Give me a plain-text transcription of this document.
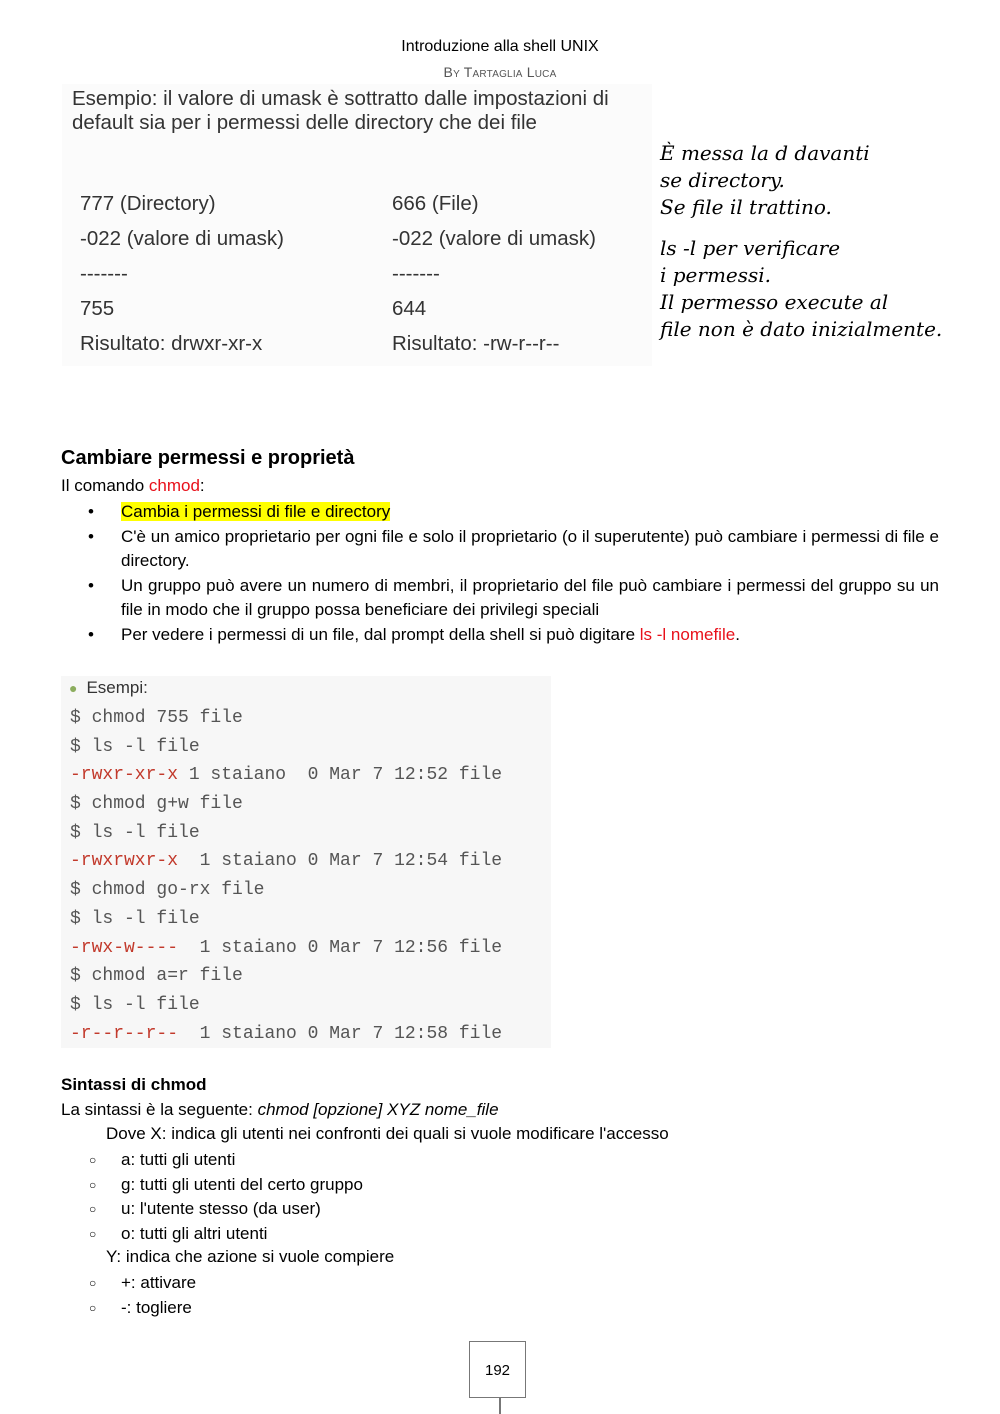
Introduzione alla shell UNIX
By Tartaglia Luca
Esempio: il valore di umask è sottratto dalle impostazioni di default sia per i permessi delle directory che dei file
777 (Directory)
-022 (valore di umask)
-------
755
Risultato: drwxr-xr-x
666 (File)
-022 (valore di umask)
-------
644
Risultato: -rw-r--r--
È messa la d davanti
se directory.
Se file il trattino.
ls -l per verificare
i permessi.
Il permesso execute al
file non è dato inizialmente.
Cambiare permessi e proprietà
Il comando chmod:
• Cambia i permessi di file e directory
• C'è un amico proprietario per ogni file e solo il proprietario (o il superutente) può cambiare i permessi di file e directory.
• Un gruppo può avere un numero di membri, il proprietario del file può cambiare i permessi del gruppo su un file in modo che il gruppo possa beneficiare dei privilegi speciali
• Per vedere i permessi di un file, dal prompt della shell si può digitare ls -l nomefile.
● Esempi:
$ chmod 755 file
$ ls -l file
-rwxr-xr-x 1 staiano  0 Mar 7 12:52 file
$ chmod g+w file
$ ls -l file
-rwxrwxr-x  1 staiano 0 Mar 7 12:54 file
$ chmod go-rx file
$ ls -l file
-rwx-w----  1 staiano 0 Mar 7 12:56 file
$ chmod a=r file
$ ls -l file
-r--r--r--  1 staiano 0 Mar 7 12:58 file
Sintassi di chmod
La sintassi è la seguente: chmod [opzione] XYZ nome_file
Dove X: indica gli utenti nei confronti dei quali si vuole modificare l'accesso
○ a: tutti gli utenti
○ g: tutti gli utenti del certo gruppo
○ u: l'utente stesso (da user)
○ o: tutti gli altri utenti
Y: indica che azione si vuole compiere
○ +: attivare
○ -: togliere
192
